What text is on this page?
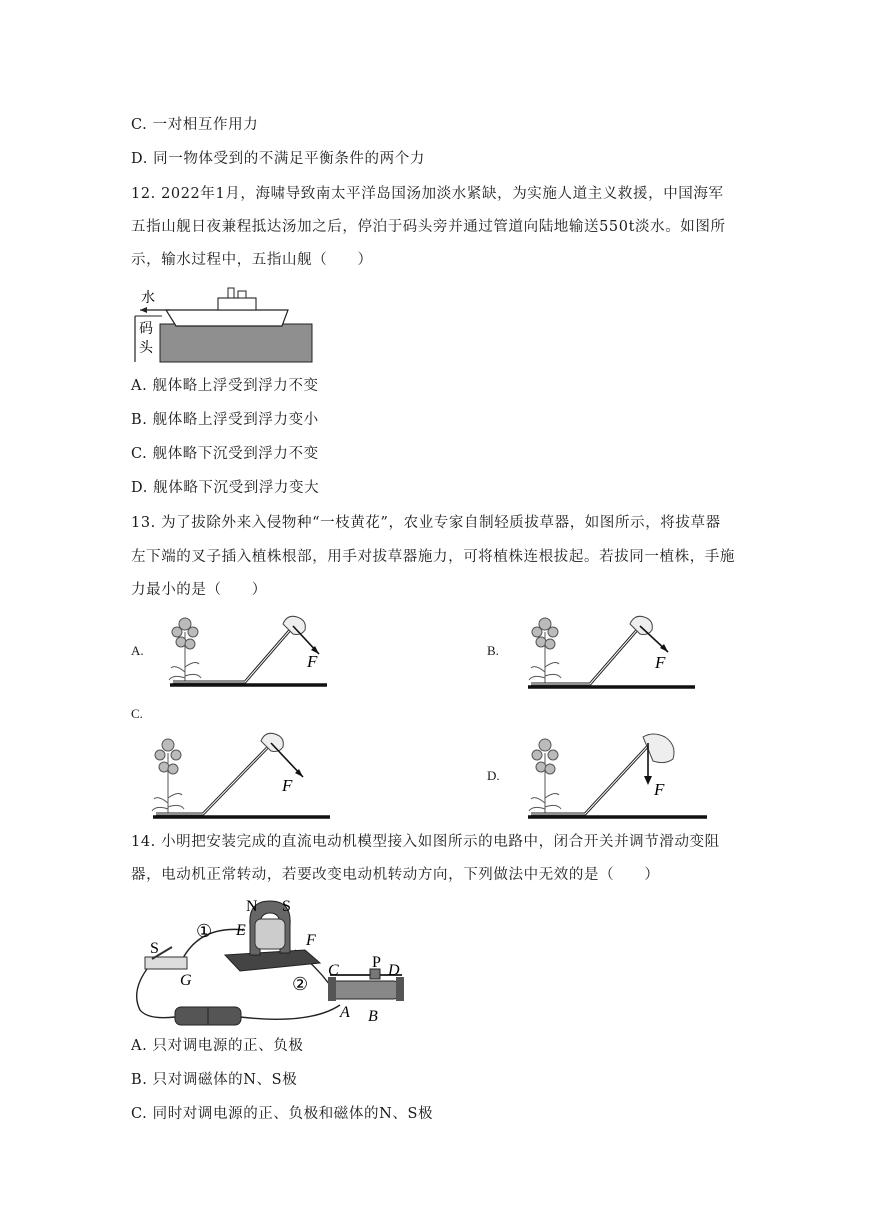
C. 一对相互作用力
D. 同一物体受到的不满足平衡条件的两个力
12. 2022年1月，海啸导致南太平洋岛国汤加淡水紧缺，为实施人道主义救援，中国海军
五指山舰日夜兼程抵达汤加之后，停泊于码头旁并通过管道向陆地输送550t淡水。如图所
示，输水过程中，五指山舰（　　）
水
码
头
A. 舰体略上浮受到浮力不变
B. 舰体略上浮受到浮力变小
C. 舰体略下沉受到浮力不变
D. 舰体略下沉受到浮力变大
13. 为了拔除外来入侵物种“一枝黄花”，农业专家自制轻质拔草器，如图所示，将拔草器
左下端的叉子插入植株根部，用手对拔草器施力，可将植株连根拔起。若拔同一植株，手施
力最小的是（　　）
A.	B.
C.
D.
F	F
F	F
14. 小明把安装完成的直流电动机模型接入如图所示的电路中，闭合开关并调节滑动变阻
器，电动机正常转动，若要改变电动机转动方向，下列做法中无效的是（　　）
N S
S
①
②
E
F
G
C P D
A B
A. 只对调电源的正、负极
B. 只对调磁体的N、S极
C. 同时对调电源的正、负极和磁体的N、S极
